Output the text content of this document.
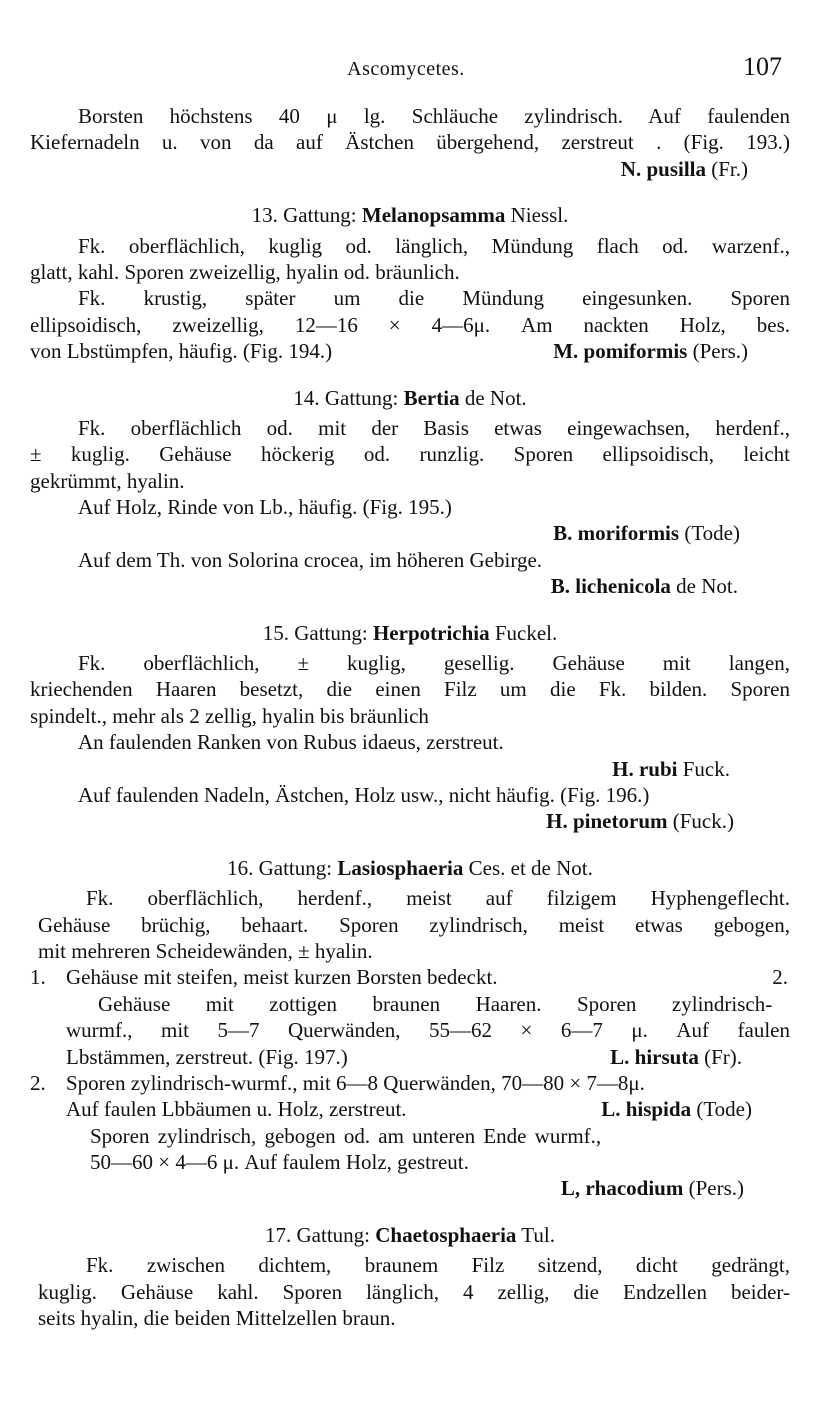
Ascomycetes.	107
Borsten höchstens 40 μ lg. Schläuche zylindrisch. Auf faulenden
Kiefernadeln u. von da auf Ästchen übergehend, zerstreut . (Fig. 193.)
N. pusilla (Fr.)
13. Gattung: Melanopsamma Niessl.
Fk. oberflächlich, kuglig od. länglich, Mündung flach od. warzenf.,
glatt, kahl. Sporen zweizellig, hyalin od. bräunlich.
Fk. krustig, später um die Mündung eingesunken. Sporen
ellipsoidisch, zweizellig, 12—16 × 4—6μ. Am nackten Holz, bes.
von Lbstümpfen, häufig. (Fig. 194.)	M. pomiformis (Pers.)
14. Gattung: Bertia de Not.
Fk. oberflächlich od. mit der Basis etwas eingewachsen, herdenf.,
± kuglig. Gehäuse höckerig od. runzlig. Sporen ellipsoidisch, leicht
gekrümmt, hyalin.
Auf Holz, Rinde von Lb., häufig. (Fig. 195.)
B. moriformis (Tode)
Auf dem Th. von Solorina crocea, im höheren Gebirge.
B. lichenicola de Not.
15. Gattung: Herpotrichia Fuckel.
Fk. oberflächlich, ± kuglig, gesellig. Gehäuse mit langen,
kriechenden Haaren besetzt, die einen Filz um die Fk. bilden. Sporen
spindelt., mehr als 2 zellig, hyalin bis bräunlich
An faulenden Ranken von Rubus idaeus, zerstreut.
H. rubi Fuck.
Auf faulenden Nadeln, Ästchen, Holz usw., nicht häufig. (Fig. 196.)
H. pinetorum (Fuck.)
16. Gattung: Lasiosphaeria Ces. et de Not.
Fk. oberflächlich, herdenf., meist auf filzigem Hyphengeflecht.
Gehäuse brüchig, behaart. Sporen zylindrisch, meist etwas gebogen,
mit mehreren Scheidewänden, ± hyalin.
1. Gehäuse mit steifen, meist kurzen Borsten bedeckt.	2.
Gehäuse mit zottigen braunen Haaren. Sporen zylindrisch-
wurmf., mit 5—7 Querwänden, 55—62 × 6—7 μ. Auf faulen
Lbstämmen, zerstreut. (Fig. 197.)	L. hirsuta (Fr).
2. Sporen zylindrisch-wurmf., mit 6—8 Querwänden, 70—80 × 7—8μ.
Auf faulen Lbbäumen u. Holz, zerstreut.	L. hispida (Tode)
Sporen zylindrisch, gebogen od. am unteren Ende wurmf.,
50—60 × 4—6 μ. Auf faulem Holz, gestreut.
L, rhacodium (Pers.)
17. Gattung: Chaetosphaeria Tul.
Fk. zwischen dichtem, braunem Filz sitzend, dicht gedrängt,
kuglig. Gehäuse kahl. Sporen länglich, 4 zellig, die Endzellen beider-
seits hyalin, die beiden Mittelzellen braun.
